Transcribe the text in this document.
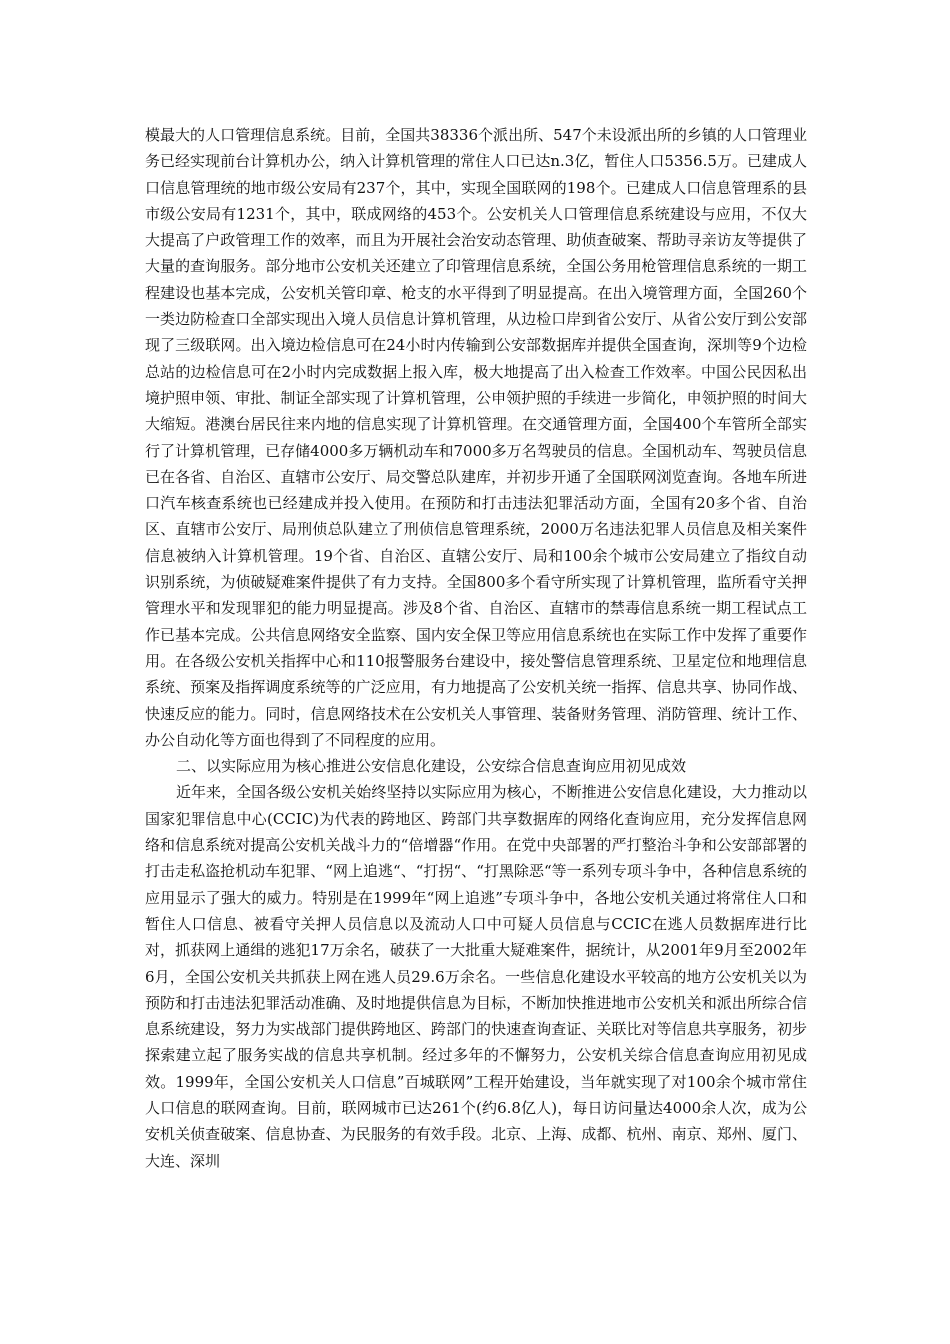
模最大的人口管理信息系统。目前，全国共38336个派出所、547个未设派出所的乡镇的人口管理业务已经实现前台计算机办公，纳入计算机管理的常住人口已达n.3亿，暂住人口5356.5万。已建成人口信息管理统的地市级公安局有237个，其中，实现全国联网的198个。已建成人口信息管理系的县市级公安局有1231个，其中，联成网络的453个。公安机关人口管理信息系统建设与应用，不仅大大提高了户政管理工作的效率，而且为开展社会治安动态管理、助侦查破案、帮助寻亲访友等提供了大量的查询服务。部分地市公安机关还建立了印管理信息系统，全国公务用枪管理信息系统的一期工程建设也基本完成，公安机关管印章、枪支的水平得到了明显提高。在出入境管理方面，全国260个一类边防检查口全部实现出入境人员信息计算机管理，从边检口岸到省公安厅、从省公安厅到公安部现了三级联网。出入境边检信息可在24小时内传输到公安部数据库并提供全国查询，深圳等9个边检总站的边检信息可在2小时内完成数据上报入库，极大地提高了出入检查工作效率。中国公民因私出境护照申领、审批、制证全部实现了计算机管理，公申领护照的手续进一步简化，申领护照的时间大大缩短。港澳台居民往来内地的信息实现了计算机管理。在交通管理方面，全国400个车管所全部实行了计算机管理，已存储4000多万辆机动车和7000多万名驾驶员的信息。全国机动车、驾驶员信息已在各省、自治区、直辖市公安厅、局交警总队建库，并初步开通了全国联网浏览查询。各地车所进口汽车核查系统也已经建成并投入使用。在预防和打击违法犯罪活动方面，全国有20多个省、自治区、直辖市公安厅、局刑侦总队建立了刑侦信息管理系统，2000万名违法犯罪人员信息及相关案件信息被纳入计算机管理。19个省、自治区、直辖公安厅、局和100余个城市公安局建立了指纹自动识别系统，为侦破疑难案件提供了有力支持。全国800多个看守所实现了计算机管理，监所看守关押管理水平和发现罪犯的能力明显提高。涉及8个省、自治区、直辖市的禁毒信息系统一期工程试点工作已基本完成。公共信息网络安全监察、国内安全保卫等应用信息系统也在实际工作中发挥了重要作用。在各级公安机关指挥中心和110报警服务台建设中，接处警信息管理系统、卫星定位和地理信息系统、预案及指挥调度系统等的广泛应用，有力地提高了公安机关统一指挥、信息共享、协同作战、快速反应的能力。同时，信息网络技术在公安机关人事管理、装备财务管理、消防管理、统计工作、办公自动化等方面也得到了不同程度的应用。

二、以实际应用为核心推进公安信息化建设，公安综合信息查询应用初见成效

近年来，全国各级公安机关始终坚持以实际应用为核心，不断推进公安信息化建设，大力推动以国家犯罪信息中心(CCIC)为代表的跨地区、跨部门共享数据库的网络化查询应用，充分发挥信息网络和信息系统对提高公安机关战斗力的“倍增器“作用。在党中央部署的严打整治斗争和公安部部署的打击走私盗抢机动车犯罪、“网上追逃“、“打拐“、“打黑除恶“等一系列专项斗争中，各种信息系统的应用显示了强大的威力。特别是在1999年“网上追逃”专项斗争中，各地公安机关通过将常住人口和暂住人口信息、被看守关押人员信息以及流动人口中可疑人员信息与CCIC在逃人员数据库进行比对，抓获网上通缉的逃犯17万余名，破获了一大批重大疑难案件，据统计，从2001年9月至2002年6月，全国公安机关共抓获上网在逃人员29.6万余名。一些信息化建设水平较高的地方公安机关以为预防和打击违法犯罪活动准确、及时地提供信息为目标，不断加快推进地市公安机关和派出所综合信息系统建设，努力为实战部门提供跨地区、跨部门的快速查询查证、关联比对等信息共享服务，初步探索建立起了服务实战的信息共享机制。经过多年的不懈努力，公安机关综合信息查询应用初见成效。1999年，全国公安机关人口信息”百城联网”工程开始建设，当年就实现了对100余个城市常住人口信息的联网查询。目前，联网城市已达261个(约6.8亿人)，每日访问量达4000余人次，成为公安机关侦查破案、信息协查、为民服务的有效手段。北京、上海、成都、杭州、南京、郑州、厦门、大连、深圳
